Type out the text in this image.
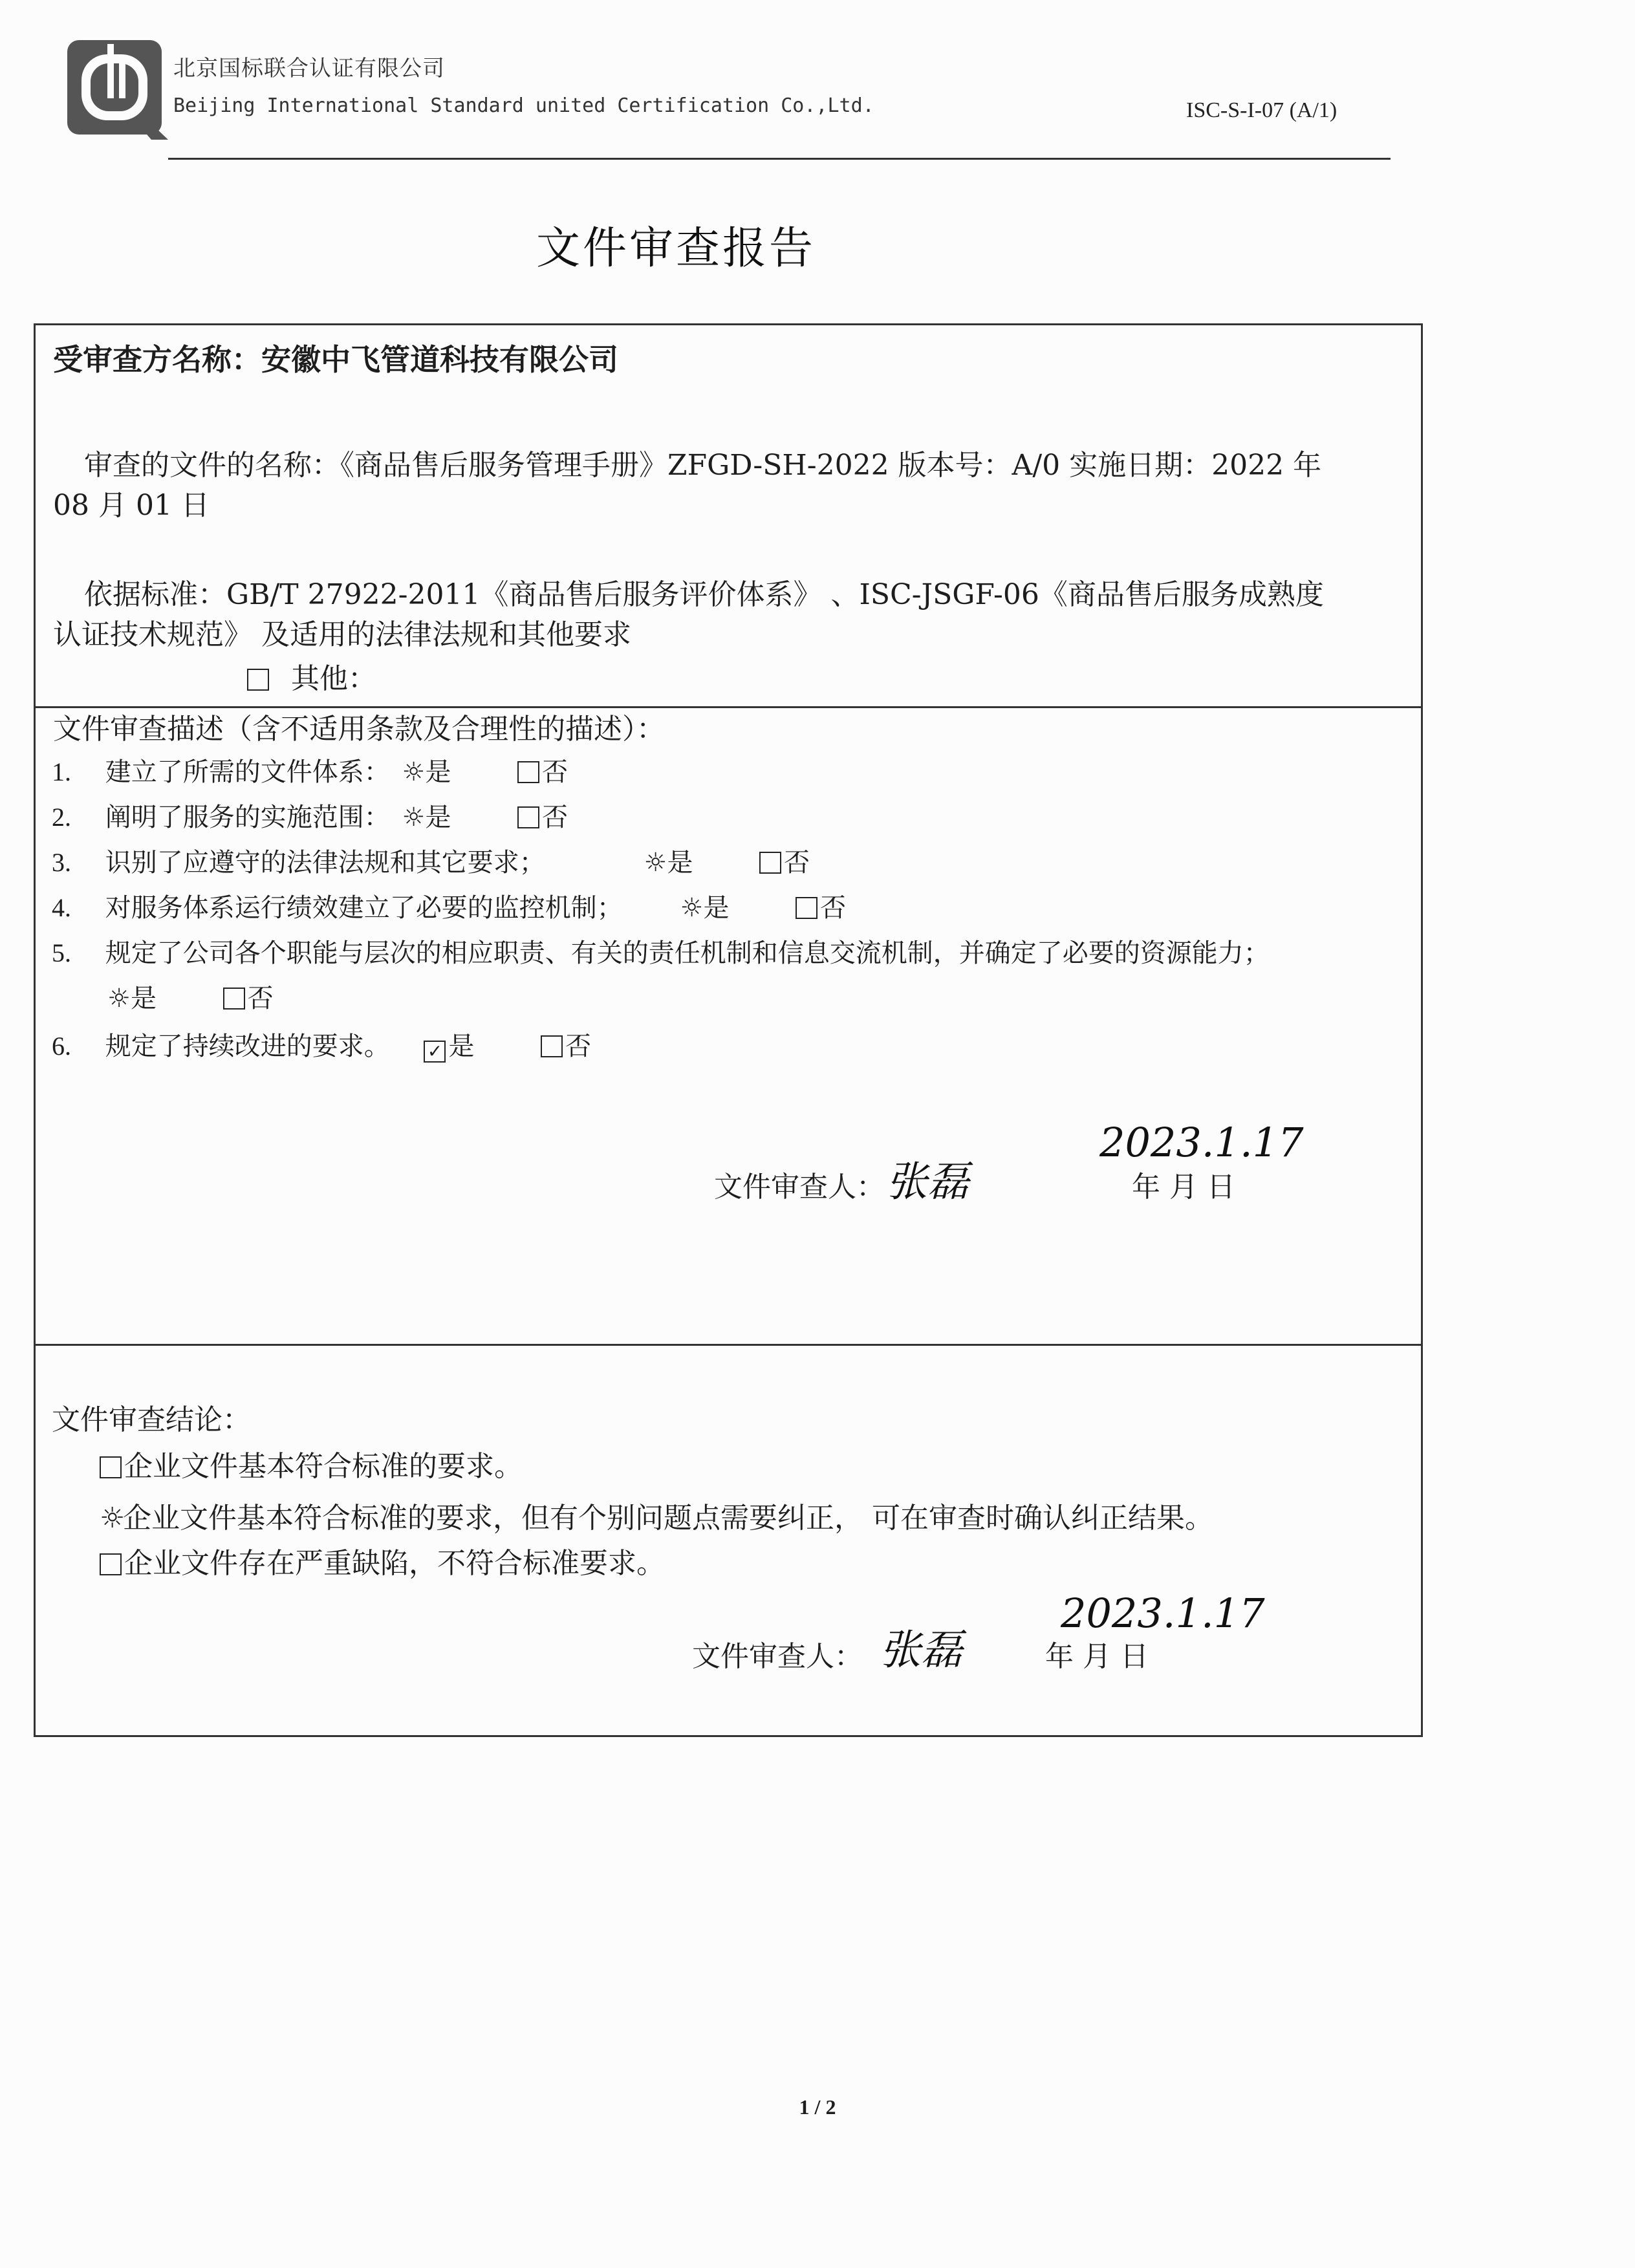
北京国标联合认证有限公司
Beijing International Standard united Certification Co.,Ltd.	ISC-S-I-07 (A/1)
文件审查报告
受审查方名称：安徽中飞管道科技有限公司
审查的文件的名称：《商品售后服务管理手册》ZFGD-SH-2022 版本号：A/0 实施日期：2022 年
08 月 01 日
依据标准：GB/T 27922-2011《商品售后服务评价体系》 、ISC-JSGF-06《商品售后服务成熟度
认证技术规范》 及适用的法律法规和其他要求
其他：
文件审查描述（含不适用条款及合理性的描述）：
1. 建立了所需的文件体系： ☼是	否
2. 阐明了服务的实施范围： ☼是	否
3. 识别了应遵守的法律法规和其它要求；	☼是	否
4. 对服务体系运行绩效建立了必要的监控机制； ☼是	否
5. 规定了公司各个职能与层次的相应职责、有关的责任机制和信息交流机制，并确定了必要的资源能力；
☼是	否
6. 规定了持续改进的要求。 ✓ 是	否
文件审查人： 张磊
2023.1.17
年 月 日
文件审查结论：
企业文件基本符合标准的要求。
☼企业文件基本符合标准的要求，但有个别问题点需要纠正， 可在审查时确认纠正结果。
企业文件存在严重缺陷，不符合标准要求。
文件审查人： 张磊
2023.1.17
年 月 日
1 / 2
